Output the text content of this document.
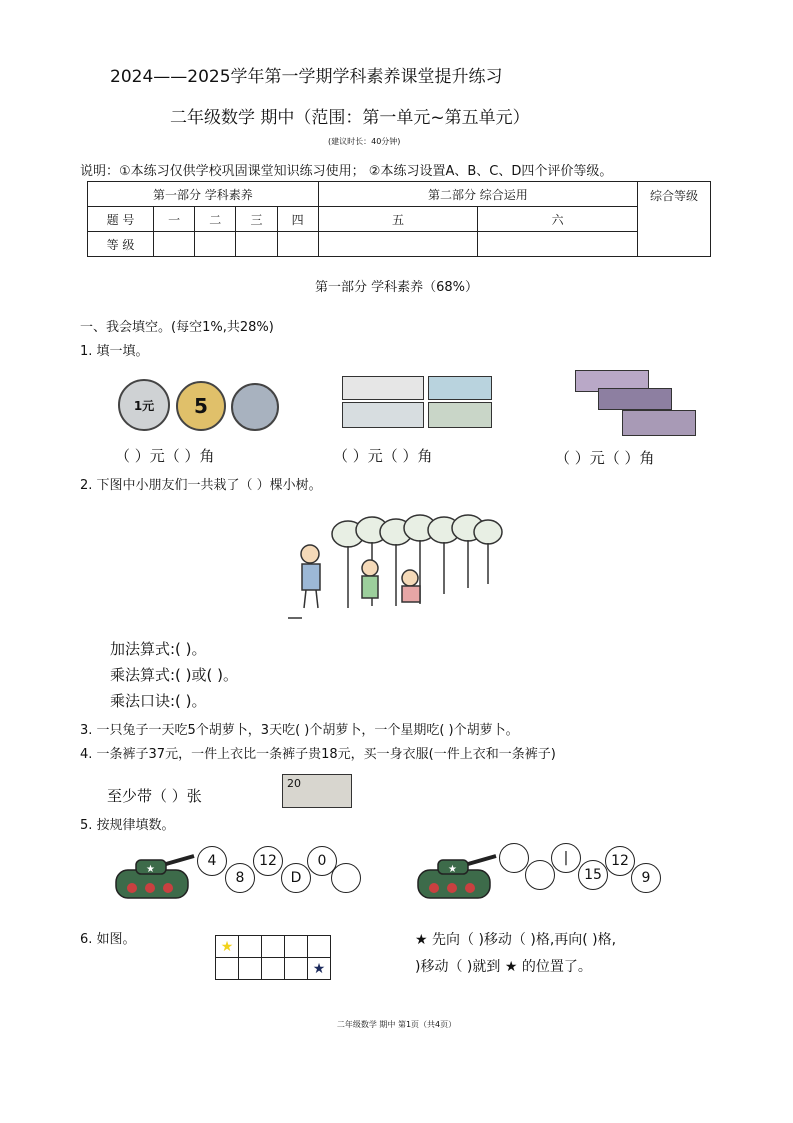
2024——2025学年第一学期学科素养课堂提升练习
二年级数学 期中（范围：第一单元~第五单元）
(建议时长：40分钟)
说明：①本练习仅供学校巩固课堂知识练习使用； ②本练习设置A、B、C、D四个评价等级。
第一部分 学科素养					第二部分 综合运用		综合等级
题 号	一	二	三	四	五	六	
等 级							
第一部分 学科素养（68%）
一、我会填空。(每空1%,共28%)
1. 填一填。
1元	5
（ ）元（ ）角	（ ）元（ ）角	（ ）元（ ）角
2. 下图中小朋友们一共栽了（ ）棵小树。
加法算式:( )。
乘法算式:( )或( )。
乘法口诀:( )。
3. 一只兔子一天吃5个胡萝卜，3天吃( )个胡萝卜，一个星期吃( )个胡萝卜。
4. 一条裤子37元，一件上衣比一条裤子贵18元，买一身衣服(一件上衣和一条裤子)
至少带（ ）张
20
5. 按规律填数。
★
4
8
12
D
0
★
|
15
12
9
6. 如图。	★				
				★
★ 先向（ )移动（ )格,再向( )格,
)移动（ )就到 ★ 的位置了。
二年级数学 期中 第1页（共4页）
